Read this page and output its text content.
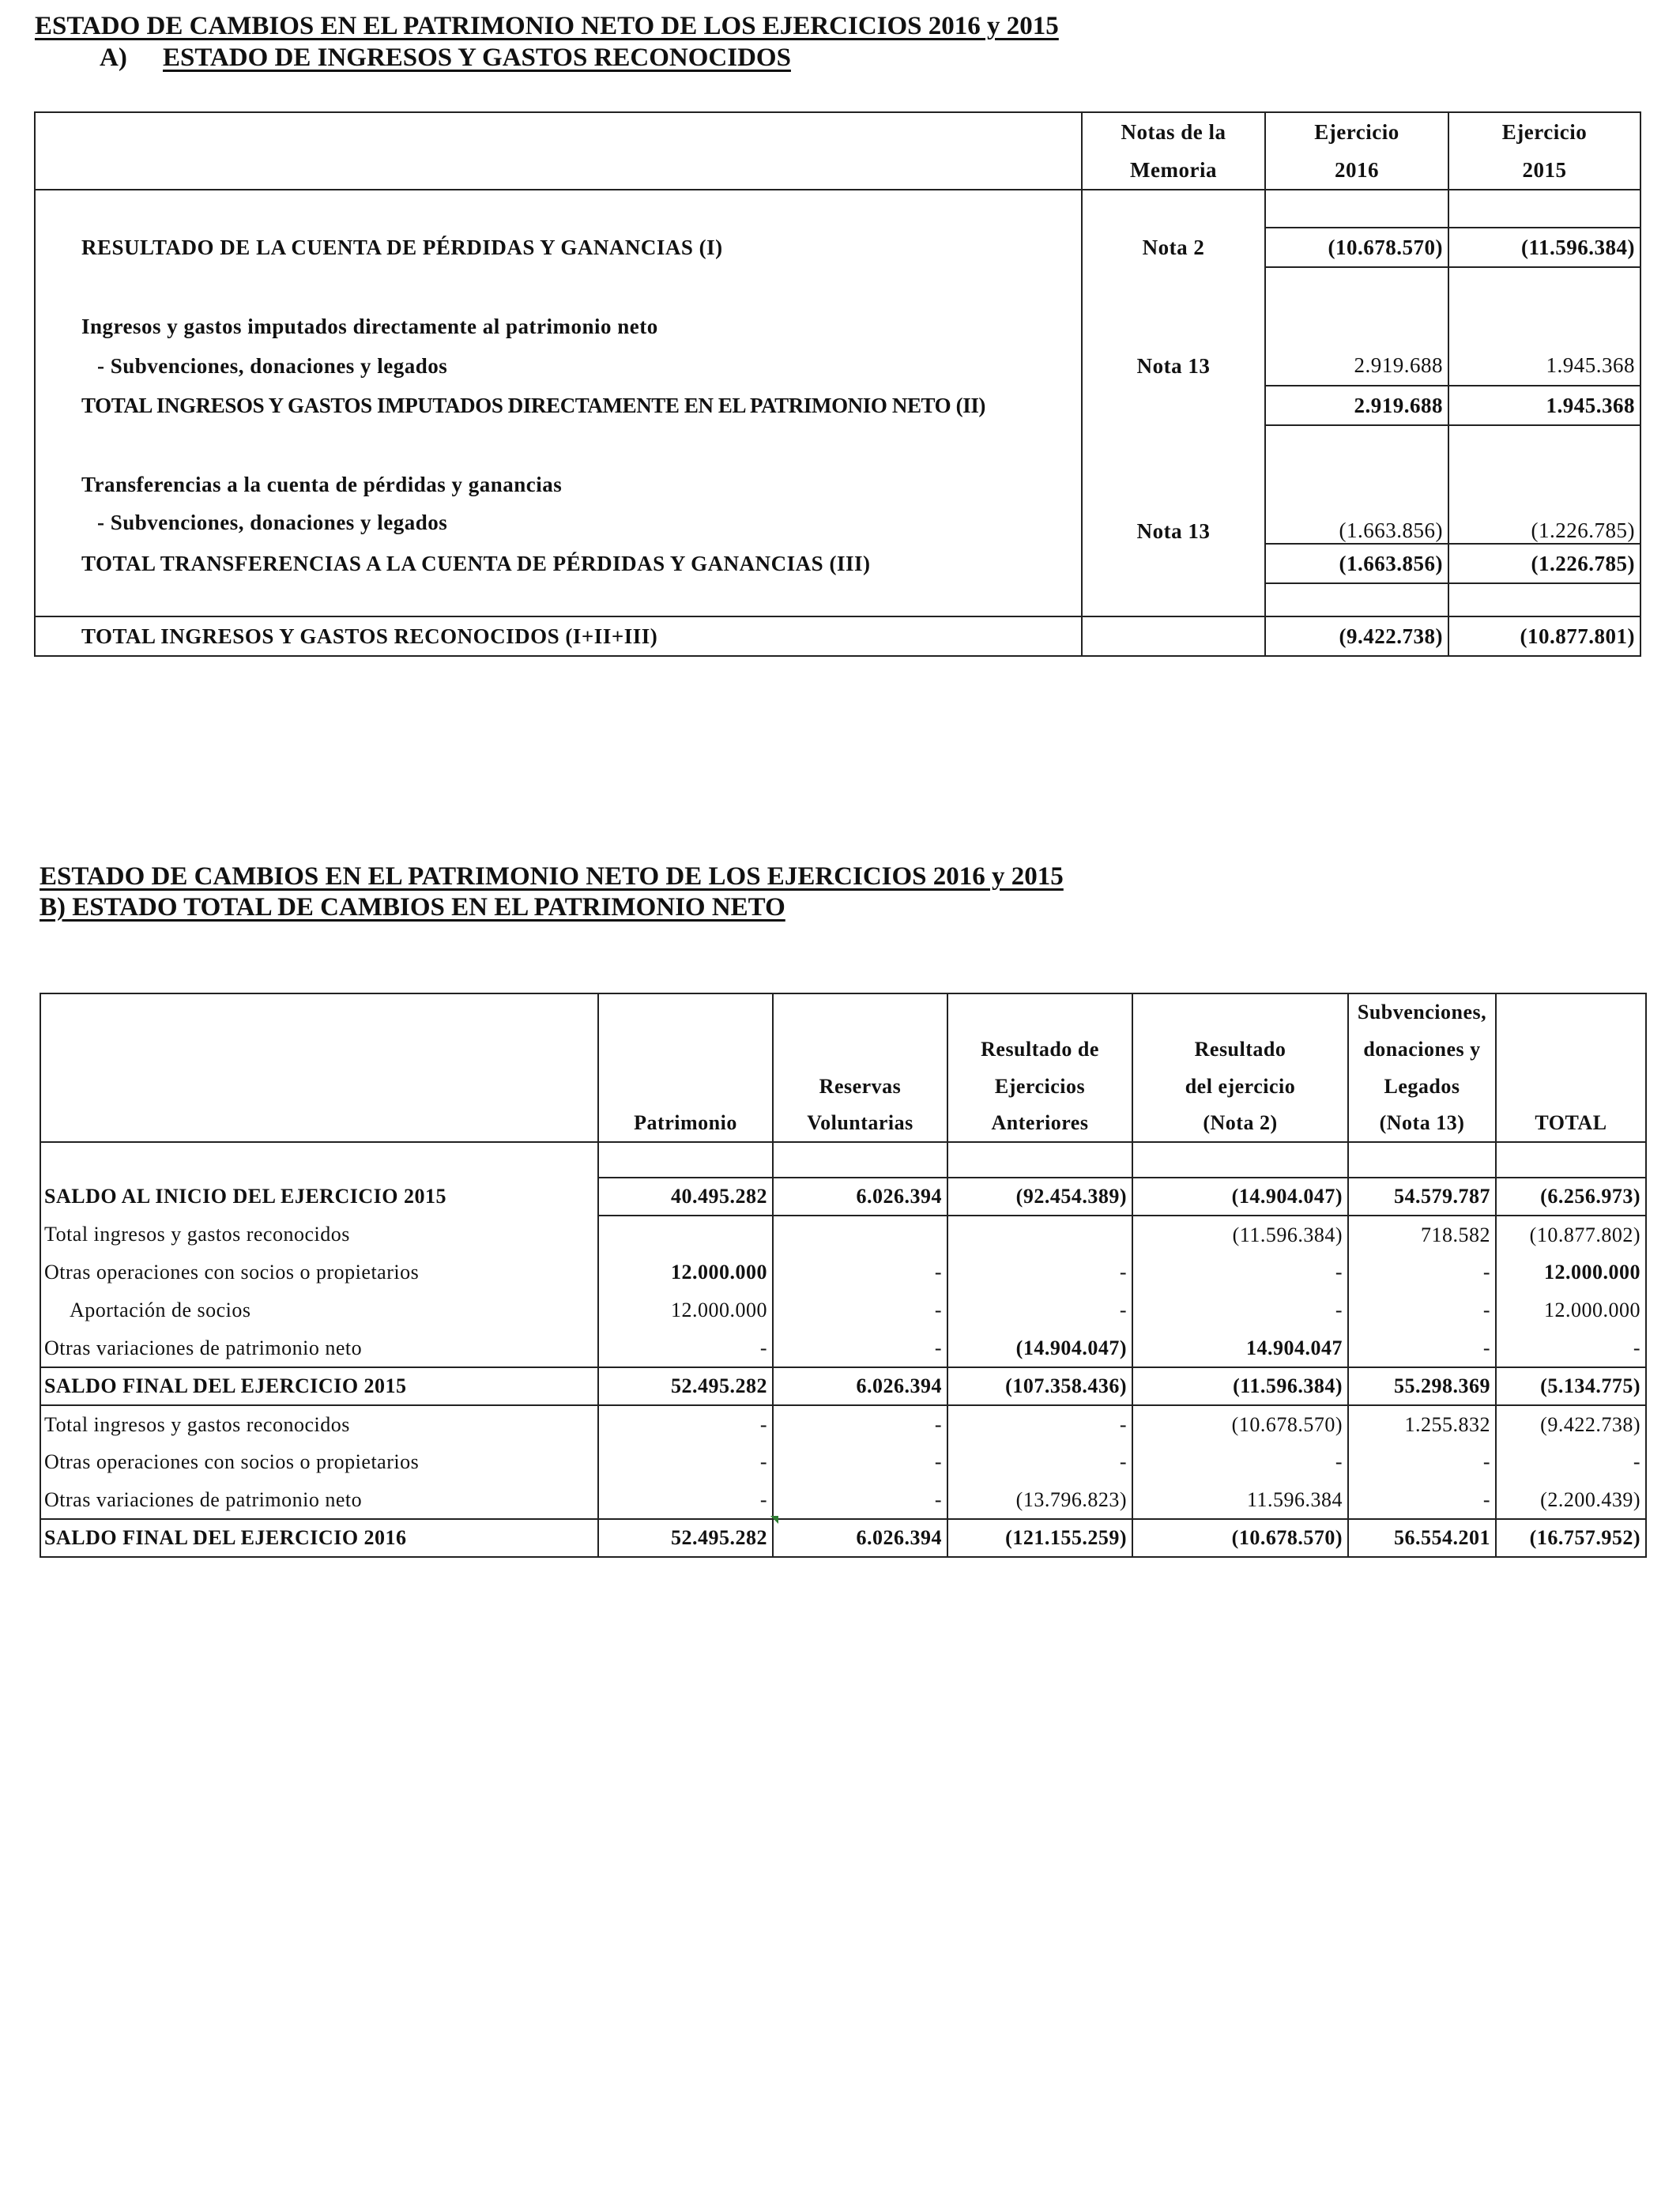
ESTADO DE CAMBIOS EN EL PATRIMONIO NETO DE LOS EJERCICIOS 2016 y 2015
A) ESTADO DE INGRESOS Y GASTOS RECONOCIDOS
	Notas de la	Ejercicio	Ejercicio
	Memoria	2016	2015

RESULTADO DE LA CUENTA DE PÉRDIDAS Y GANANCIAS (I)	Nota 2	(10.678.570)	(11.596.384)

Ingresos y gastos imputados directamente al patrimonio neto			
- Subvenciones, donaciones y legados	Nota 13	2.919.688	1.945.368
TOTAL INGRESOS Y GASTOS IMPUTADOS DIRECTAMENTE EN EL PATRIMONIO NETO (II)		2.919.688	1.945.368

Transferencias a la cuenta de pérdidas y ganancias			
- Subvenciones, donaciones y legados	Nota 13	(1.663.856)	(1.226.785)
TOTAL TRANSFERENCIAS A LA CUENTA DE PÉRDIDAS Y GANANCIAS (III)		(1.663.856)	(1.226.785)

TOTAL INGRESOS Y GASTOS RECONOCIDOS (I+II+III)		(9.422.738)	(10.877.801)
ESTADO DE CAMBIOS EN EL PATRIMONIO NETO DE LOS EJERCICIOS 2016 y 2015
B) ESTADO TOTAL DE CAMBIOS EN EL PATRIMONIO NETO
					Subvenciones,	
			Resultado de	Resultado	donaciones y	
		Reservas	Ejercicios	del ejercicio	Legados	
	Patrimonio	Voluntarias	Anteriores	(Nota 2)	(Nota 13)	TOTAL

SALDO AL INICIO DEL EJERCICIO 2015	40.495.282	6.026.394	(92.454.389)	(14.904.047)	54.579.787	(6.256.973)
Total ingresos y gastos reconocidos				(11.596.384)	718.582	(10.877.802)
Otras operaciones con socios o propietarios	12.000.000	-	-	-	-	12.000.000
Aportación de socios	12.000.000	-	-	-	-	12.000.000
Otras variaciones de patrimonio neto	-	-	(14.904.047)	14.904.047	-	-
SALDO FINAL DEL EJERCICIO 2015	52.495.282	6.026.394	(107.358.436)	(11.596.384)	55.298.369	(5.134.775)
Total ingresos y gastos reconocidos	-	-	-	(10.678.570)	1.255.832	(9.422.738)
Otras operaciones con socios o propietarios	-	-	-	-	-	-
Otras variaciones de patrimonio neto	-	-	(13.796.823)	11.596.384	-	(2.200.439)
SALDO FINAL DEL EJERCICIO 2016	52.495.282	6.026.394	(121.155.259)	(10.678.570)	56.554.201	(16.757.952)
